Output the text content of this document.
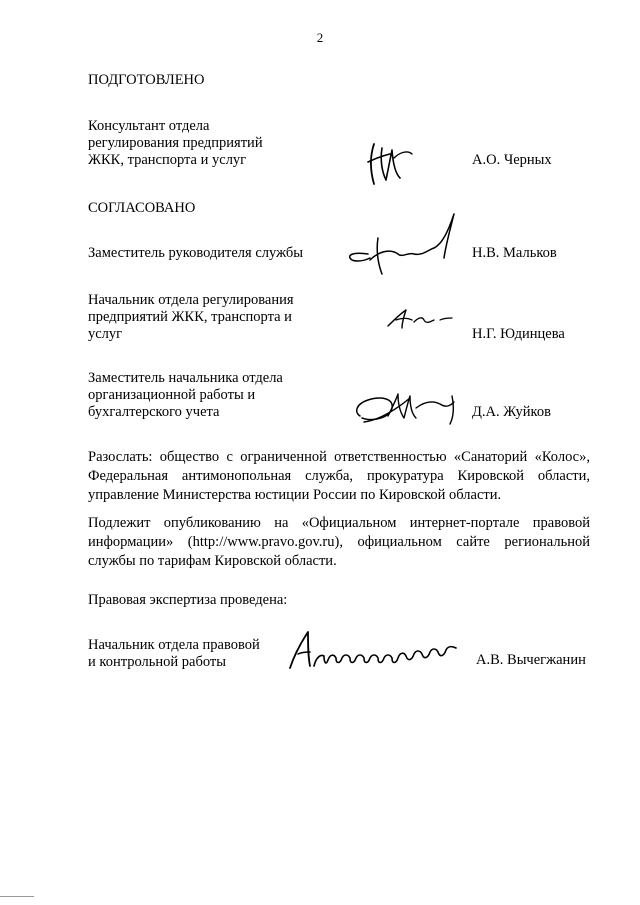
2
ПОДГОТОВЛЕНО
Консультант отдела
регулирования предприятий
ЖКК, транспорта и услуг	А.О. Черных
СОГЛАСОВАНО
Заместитель руководителя службы	Н.В. Мальков
Начальник отдела регулирования
предприятий ЖКК, транспорта и
услуг	Н.Г. Юдинцева
Заместитель начальника отдела
организационной работы и
бухгалтерского учета	Д.А. Жуйков
Разослать: общество с ограниченной ответственностью «Санаторий «Колос», Федеральная антимонопольная служба, прокуратура Кировской области, управление Министерства юстиции России по Кировской области.
Подлежит опубликованию на «Официальном интернет-портале правовой информации» (http://www.pravo.gov.ru), официальном сайте региональной службы по тарифам Кировской области.
Правовая экспертиза проведена:
Начальник отдела правовой
и контрольной работы	А.В. Вычегжанин
